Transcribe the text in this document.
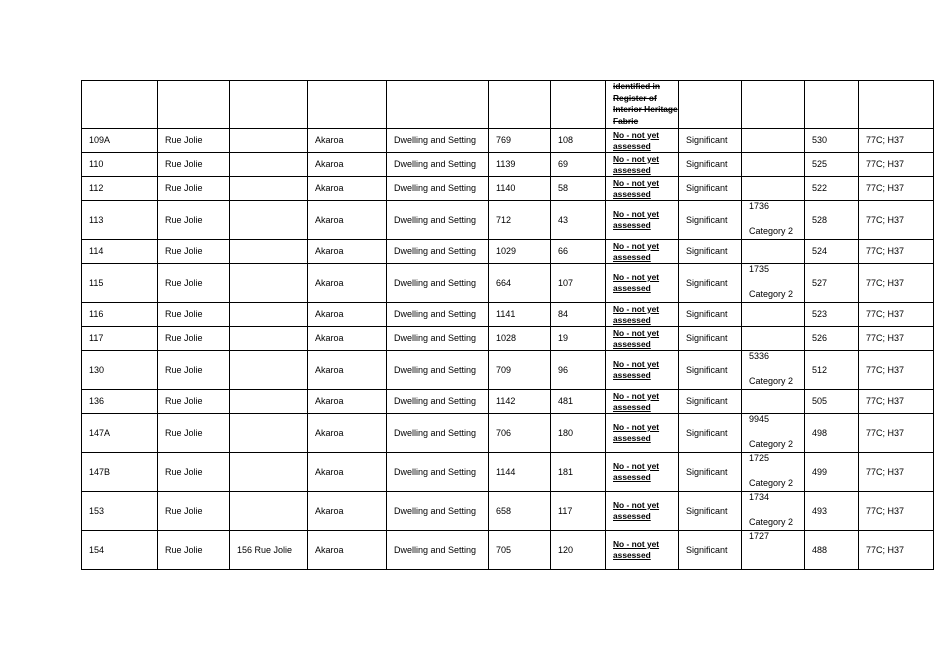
							identified in Register of Interior Heritage Fabric				

109A	Rue Jolie		Akaroa	Dwelling and Setting	769	108	No - not yet
assessed	Significant		530	77C; H37
110	Rue Jolie		Akaroa	Dwelling and Setting	1139	69	No - not yet
assessed	Significant		525	77C; H37
112	Rue Jolie		Akaroa	Dwelling and Setting	1140	58	No - not yet
assessed	Significant		522	77C; H37
113	Rue Jolie		Akaroa	Dwelling and Setting	712	43	No - not yet
assessed	Significant	1736
Category 2	528	77C; H37
114	Rue Jolie		Akaroa	Dwelling and Setting	1029	66	No - not yet
assessed	Significant		524	77C; H37
115	Rue Jolie		Akaroa	Dwelling and Setting	664	107	No - not yet
assessed	Significant	1735
Category 2	527	77C; H37
116	Rue Jolie		Akaroa	Dwelling and Setting	1141	84	No - not yet
assessed	Significant		523	77C; H37
117	Rue Jolie		Akaroa	Dwelling and Setting	1028	19	No - not yet
assessed	Significant		526	77C; H37
130	Rue Jolie		Akaroa	Dwelling and Setting	709	96	No - not yet
assessed	Significant	5336
Category 2	512	77C; H37
136	Rue Jolie		Akaroa	Dwelling and Setting	1142	481	No - not yet
assessed	Significant		505	77C; H37
147A	Rue Jolie		Akaroa	Dwelling and Setting	706	180	No - not yet
assessed	Significant	9945
Category 2	498	77C; H37
147B	Rue Jolie		Akaroa	Dwelling and Setting	1144	181	No - not yet
assessed	Significant	1725
Category 2	499	77C; H37
153	Rue Jolie		Akaroa	Dwelling and Setting	658	117	No - not yet
assessed	Significant	1734
Category 2	493	77C; H37
154	Rue Jolie	156 Rue Jolie	Akaroa	Dwelling and Setting	705	120	No - not yet
assessed	Significant	1727	488	77C; H37
